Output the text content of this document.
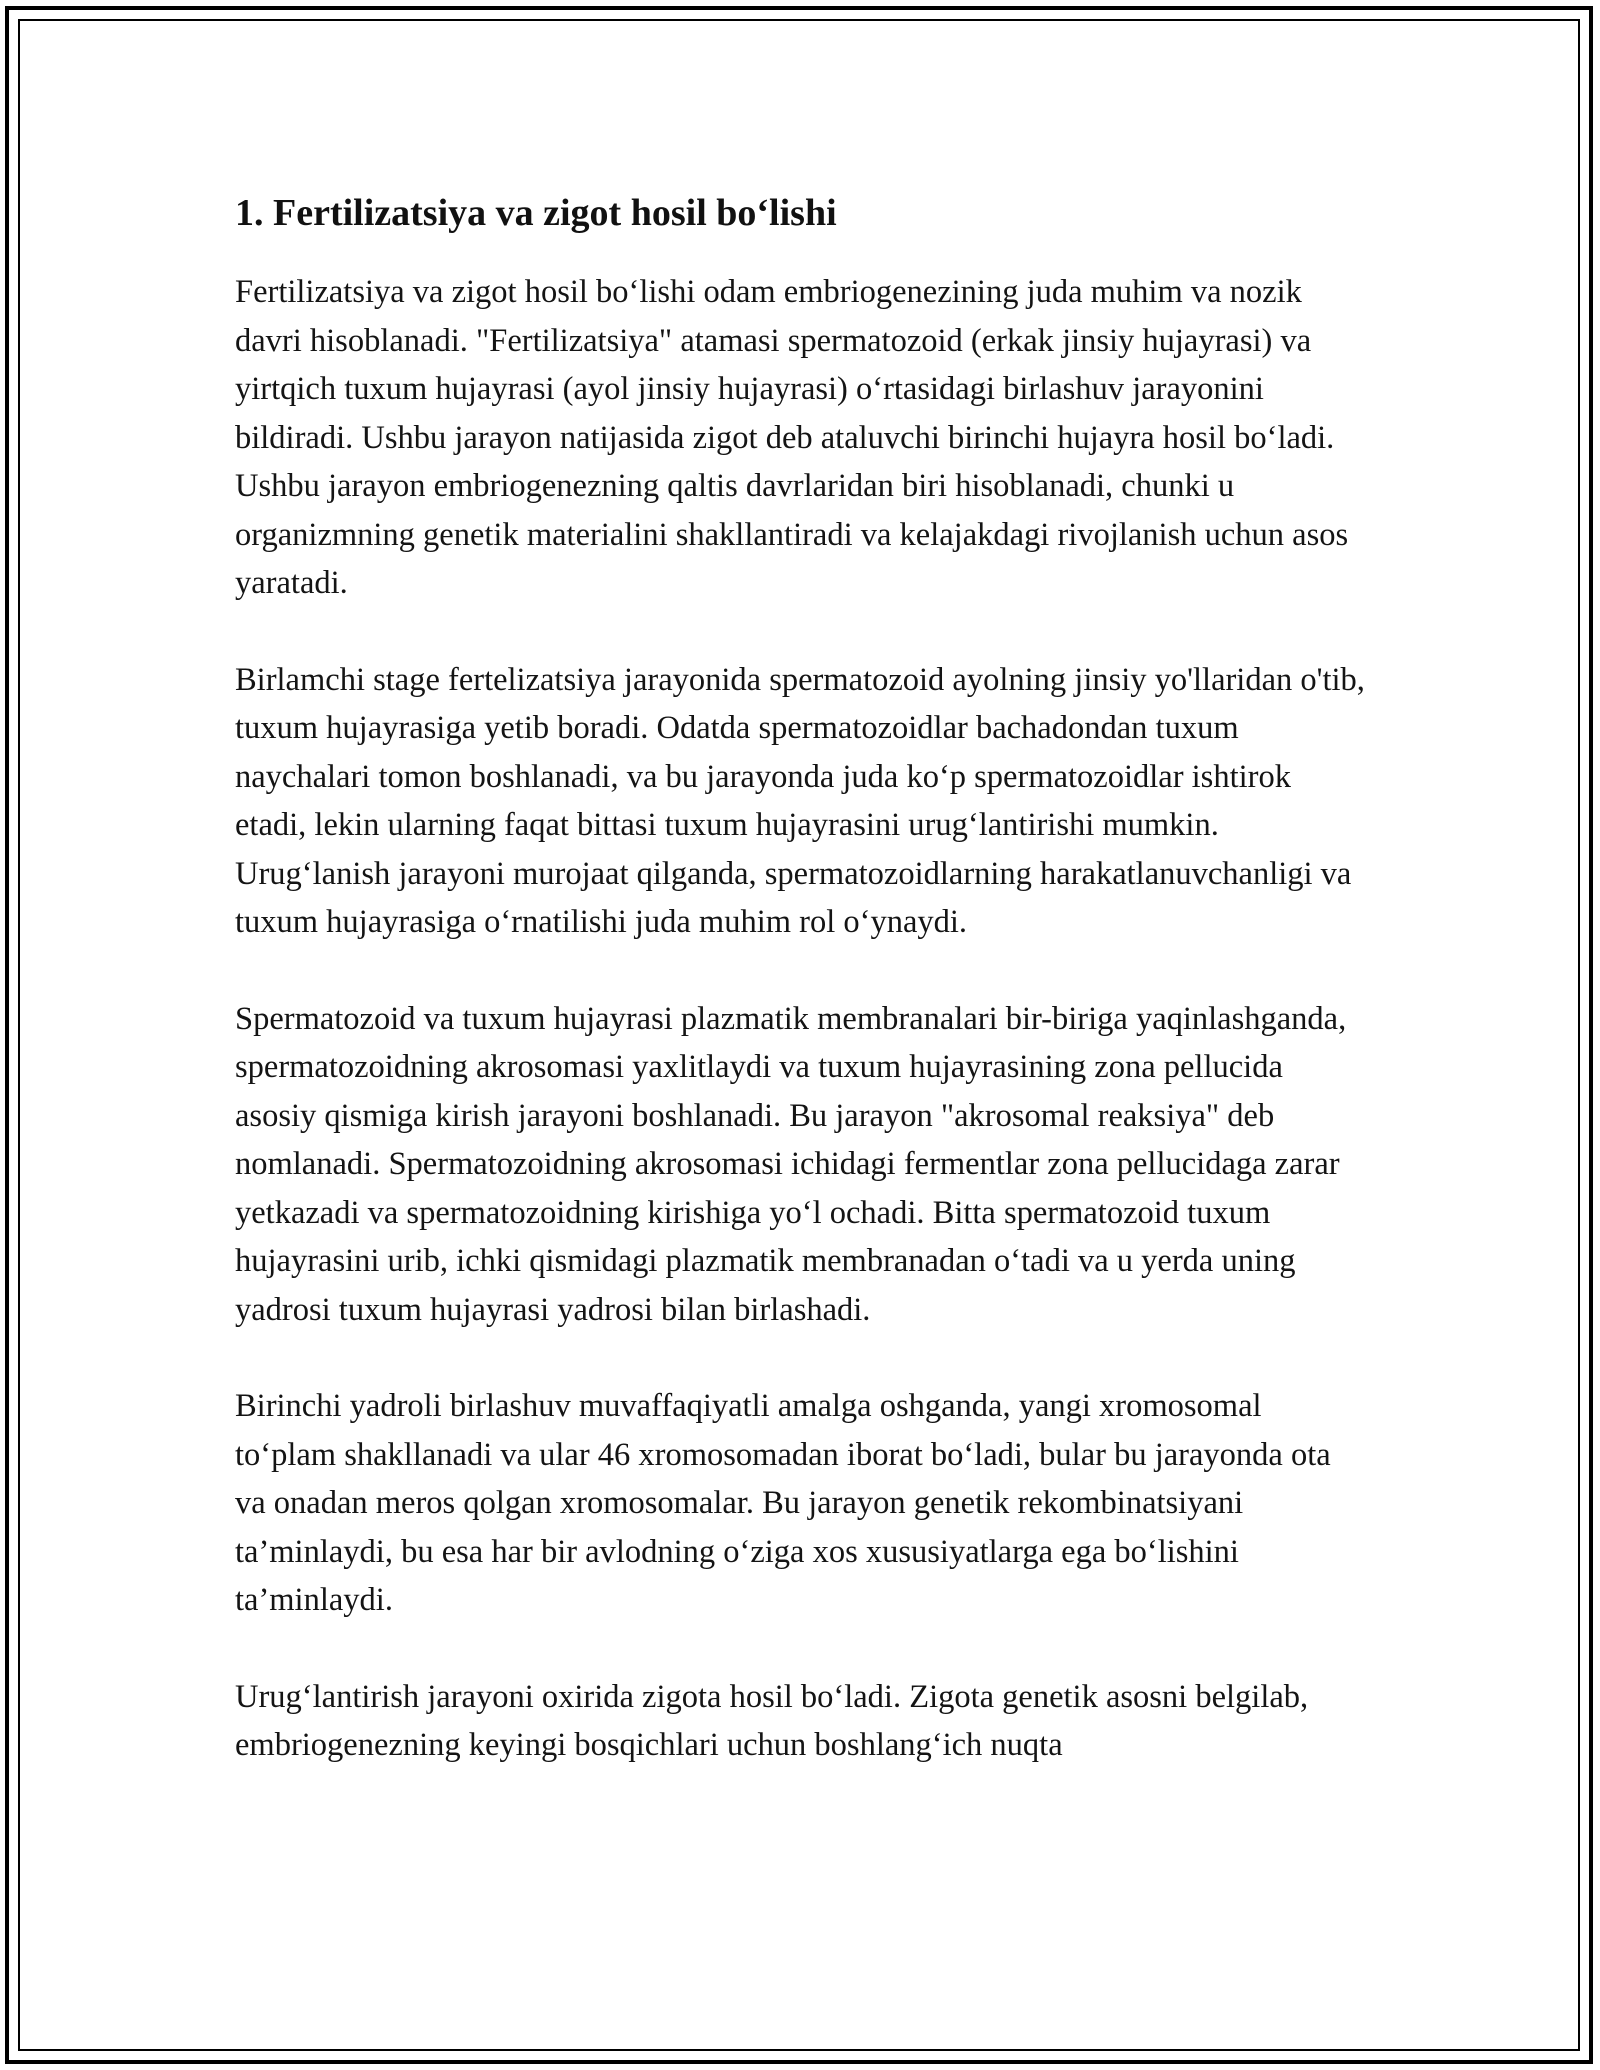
1. Fertilizatsiya va zigot hosil bo‘lishi

Fertilizatsiya va zigot hosil bo‘lishi odam embriogenezining juda muhim va nozik davri hisoblanadi. "Fertilizatsiya" atamasi spermatozoid (erkak jinsiy hujayrasi) va yirtqich tuxum hujayrasi (ayol jinsiy hujayrasi) o‘rtasidagi birlashuv jarayonini bildiradi. Ushbu jarayon natijasida zigot deb ataluvchi birinchi hujayra hosil bo‘ladi. Ushbu jarayon embriogenezning qaltis davrlaridan biri hisoblanadi, chunki u organizmning genetik materialini shakllantiradi va kelajakdagi rivojlanish uchun asos yaratadi.

Birlamchi stage fertelizatsiya jarayonida spermatozoid ayolning jinsiy yo'llaridan o'tib, tuxum hujayrasiga yetib boradi. Odatda spermatozoidlar bachadondan tuxum naychalari tomon boshlanadi, va bu jarayonda juda ko‘p spermatozoidlar ishtirok etadi, lekin ularning faqat bittasi tuxum hujayrasini urug‘lantirishi mumkin. Urug‘lanish jarayoni murojaat qilganda, spermatozoidlarning harakatlanuvchanligi va tuxum hujayrasiga o‘rnatilishi juda muhim rol o‘ynaydi.

Spermatozoid va tuxum hujayrasi plazmatik membranalari bir-biriga yaqinlashganda, spermatozoidning akrosomasi yaxlitlaydi va tuxum hujayrasining zona pellucida asosiy qismiga kirish jarayoni boshlanadi. Bu jarayon "akrosomal reaksiya" deb nomlanadi. Spermatozoidning akrosomasi ichidagi fermentlar zona pellucidaga zarar yetkazadi va spermatozoidning kirishiga yo‘l ochadi. Bitta spermatozoid tuxum hujayrasini urib, ichki qismidagi plazmatik membranadan o‘tadi va u yerda uning yadrosi tuxum hujayrasi yadrosi bilan birlashadi.

Birinchi yadroli birlashuv muvaffaqiyatli amalga oshganda, yangi xromosomal to‘plam shakllanadi va ular 46 xromosomadan iborat bo‘ladi, bular bu jarayonda ota va onadan meros qolgan xromosomalar. Bu jarayon genetik rekombinatsiyani ta’minlaydi, bu esa har bir avlodning o‘ziga xos xususiyatlarga ega bo‘lishini ta’minlaydi.

Urug‘lantirish jarayoni oxirida zigota hosil bo‘ladi. Zigota genetik asosni belgilab, embriogenezning keyingi bosqichlari uchun boshlang‘ich nuqta
